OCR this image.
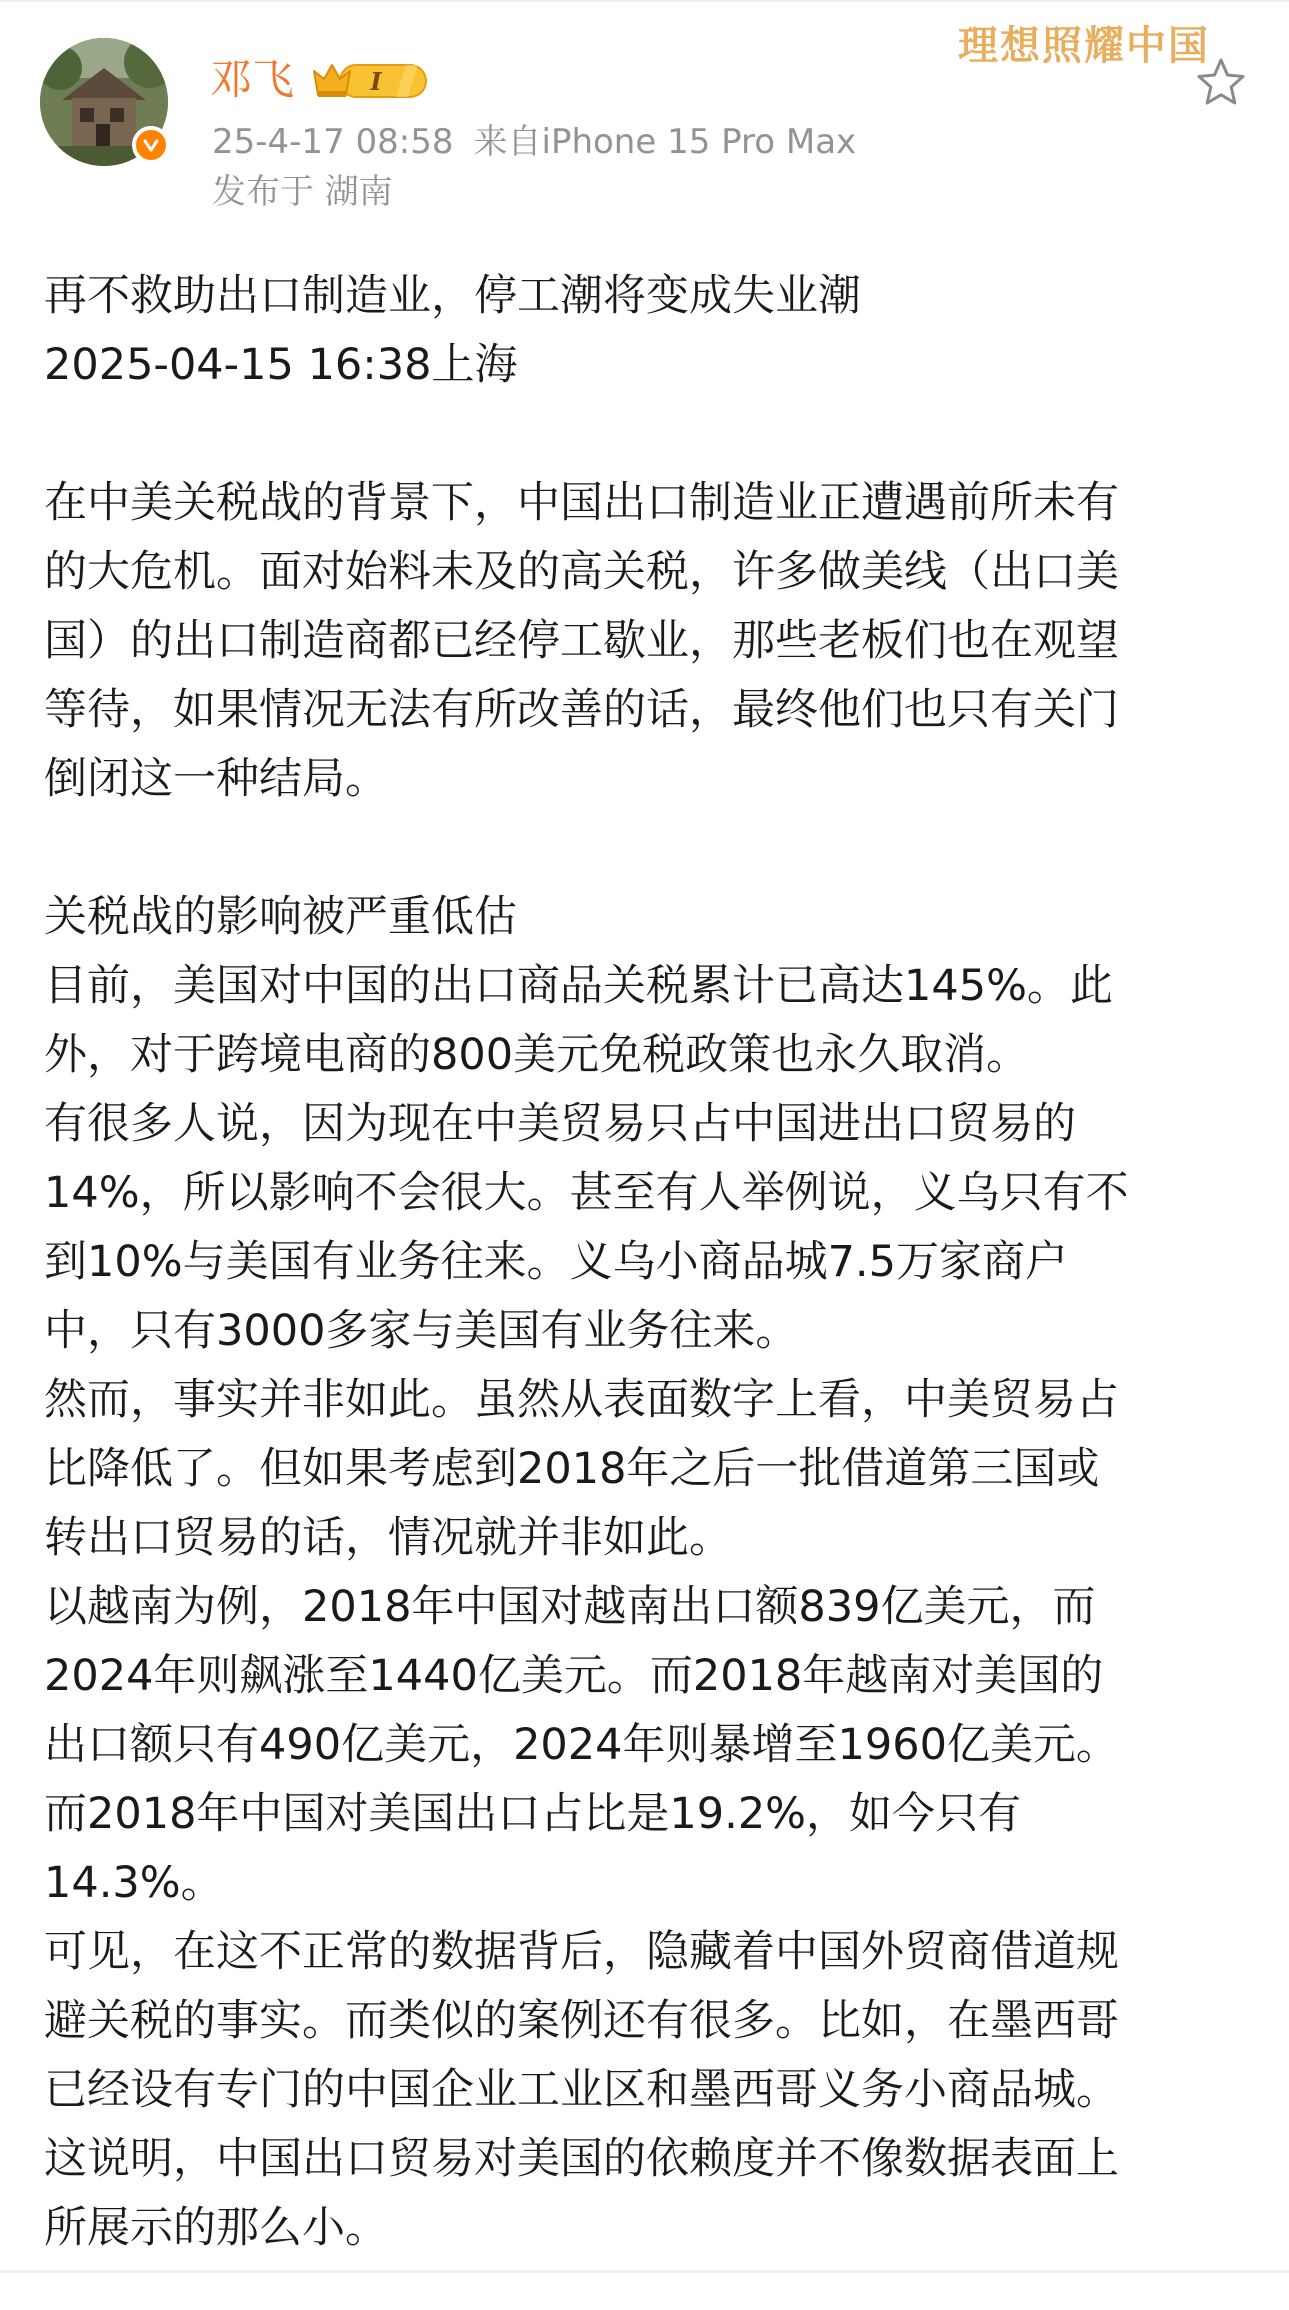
邓飞	I
25-4-17 08:58 来自iPhone 15 Pro Max
发布于 湖南
理想照耀中国

再不救助出口制造业，停工潮将变成失业潮

2025-04-15 16:38上海

在中美关税战的背景下，中国出口制造业正遭遇前所未有

的大危机。面对始料未及的高关税，许多做美线（出口美

国）的出口制造商都已经停工歇业，那些老板们也在观望

等待，如果情况无法有所改善的话，最终他们也只有关门

倒闭这一种结局。

关税战的影响被严重低估

目前，美国对中国的出口商品关税累计已高达145%。此

外，对于跨境电商的800美元免税政策也永久取消。

有很多人说，因为现在中美贸易只占中国进出口贸易的

14%，所以影响不会很大。甚至有人举例说，义乌只有不

到10%与美国有业务往来。义乌小商品城7.5万家商户

中，只有3000多家与美国有业务往来。

然而，事实并非如此。虽然从表面数字上看，中美贸易占

比降低了。但如果考虑到2018年之后一批借道第三国或

转出口贸易的话，情况就并非如此。

以越南为例，2018年中国对越南出口额839亿美元，而

2024年则飙涨至1440亿美元。而2018年越南对美国的

出口额只有490亿美元，2024年则暴增至1960亿美元。

而2018年中国对美国出口占比是19.2%，如今只有

14.3%。

可见，在这不正常的数据背后，隐藏着中国外贸商借道规

避关税的事实。而类似的案例还有很多。比如，在墨西哥

已经设有专门的中国企业工业区和墨西哥义务小商品城。

这说明，中国出口贸易对美国的依赖度并不像数据表面上

所展示的那么小。
